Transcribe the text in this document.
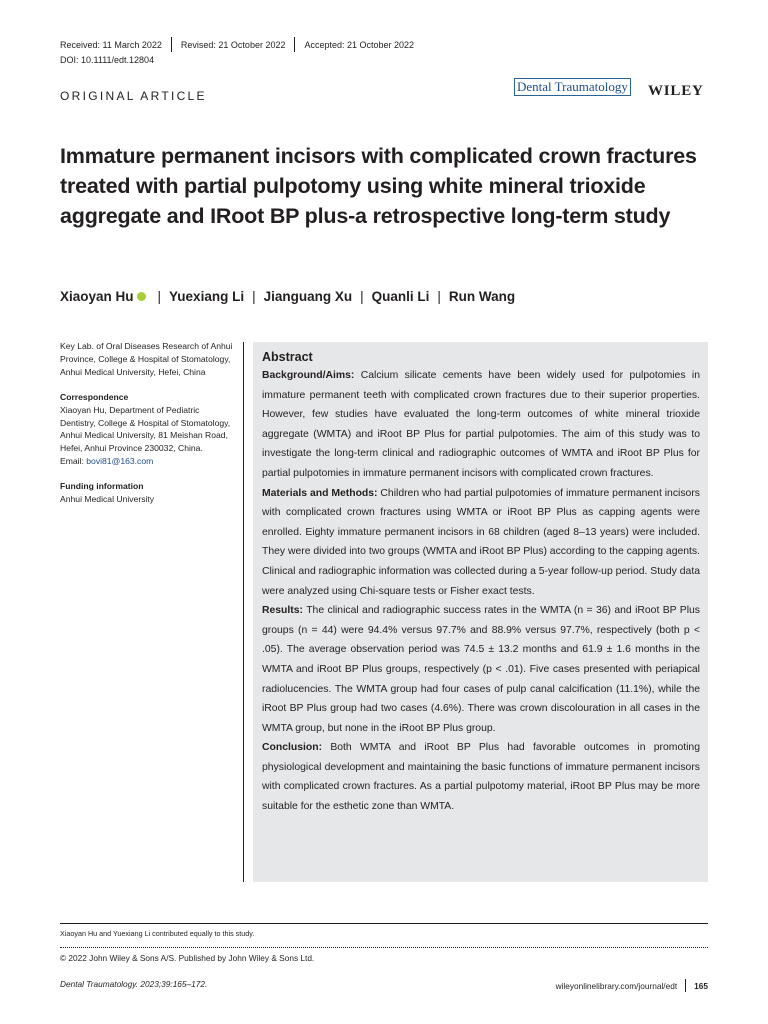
Received: 11 March 2022 Revised: 21 October 2022 Accepted: 21 October 2022
DOI: 10.1111/edt.12804
ORIGINAL ARTICLE
Dental Traumatology WILEY
Immature permanent incisors with complicated crown fractures treated with partial pulpotomy using white mineral trioxide aggregate and IRoot BP plus-a retrospective long-term study
Xiaoyan Hu | Yuexiang Li | Jianguang Xu | Quanli Li | Run Wang

Key Lab. of Oral Diseases Research of Anhui Province, College & Hospital of Stomatology, Anhui Medical University, Hefei, China

Correspondence

Xiaoyan Hu, Department of Pediatric Dentistry, College & Hospital of Stomatology, Anhui Medical University, 81 Meishan Road, Hefei, Anhui Province 230032, China.

Email: bovi81@163.com

Funding information

Anhui Medical University

Abstract

Background/Aims: Calcium silicate cements have been widely used for pulpotomies in immature permanent teeth with complicated crown fractures due to their superior properties. However, few studies have evaluated the long-term outcomes of white mineral trioxide aggregate (WMTA) and iRoot BP Plus for partial pulpotomies. The aim of this study was to investigate the long-term clinical and radiographic outcomes of WMTA and iRoot BP Plus for partial pulpotomies in immature permanent incisors with complicated crown fractures.

Materials and Methods: Children who had partial pulpotomies of immature permanent incisors with complicated crown fractures using WMTA or iRoot BP Plus as capping agents were enrolled. Eighty immature permanent incisors in 68 children (aged 8–13 years) were included. They were divided into two groups (WMTA and iRoot BP Plus) according to the capping agents. Clinical and radiographic information was collected during a 5-year follow-up period. Study data were analyzed using Chi-square tests or Fisher exact tests.

Results: The clinical and radiographic success rates in the WMTA (n = 36) and iRoot BP Plus groups (n = 44) were 94.4% versus 97.7% and 88.9% versus 97.7%, respectively (both p < .05). The average observation period was 74.5 ± 13.2 months and 61.9 ± 1.6 months in the WMTA and iRoot BP Plus groups, respectively (p < .01). Five cases presented with periapical radiolucencies. The WMTA group had four cases of pulp canal calcification (11.1%), while the iRoot BP Plus group had two cases (4.6%). There was crown discolouration in all cases in the WMTA group, but none in the iRoot BP Plus group.

Conclusion: Both WMTA and iRoot BP Plus had favorable outcomes in promoting physiological development and maintaining the basic functions of immature permanent incisors with complicated crown fractures. As a partial pulpotomy material, iRoot BP Plus may be more suitable for the esthetic zone than WMTA.

Xiaoyan Hu and Yuexiang Li contributed equally to this study.
© 2022 John Wiley & Sons A/S. Published by John Wiley & Sons Ltd.
Dental Traumatology. 2023;39:165–172.	wileyonlinelibrary.com/journal/edt 165
